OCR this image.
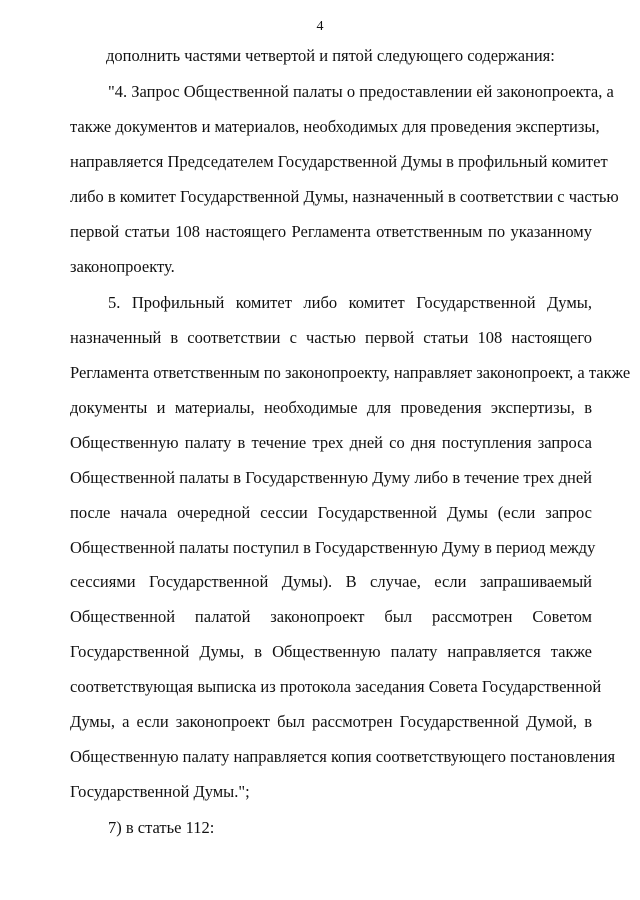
4
дополнить частями четвертой и пятой следующего содержания:
"4. Запрос Общественной палаты о предоставлении ей законопроекта, а
также документов и материалов, необходимых для проведения экспертизы,
направляется Председателем Государственной Думы в профильный комитет
либо в комитет Государственной Думы, назначенный в соответствии с частью
первой статьи 108 настоящего Регламента ответственным по указанному
законопроекту.
5. Профильный комитет либо комитет Государственной Думы,
назначенный в соответствии с частью первой статьи 108 настоящего
Регламента ответственным по законопроекту, направляет законопроект, а также
документы и материалы, необходимые для проведения экспертизы, в
Общественную палату в течение трех дней со дня поступления запроса
Общественной палаты в Государственную Думу либо в течение трех дней
после начала очередной сессии Государственной Думы (если запрос
Общественной палаты поступил в Государственную Думу в период между
сессиями Государственной Думы). В случае, если запрашиваемый
Общественной палатой законопроект был рассмотрен Советом
Государственной Думы, в Общественную палату направляется также
соответствующая выписка из протокола заседания Совета Государственной
Думы, а если законопроект был рассмотрен Государственной Думой, в
Общественную палату направляется копия соответствующего постановления
Государственной Думы.";
7) в статье 112:
